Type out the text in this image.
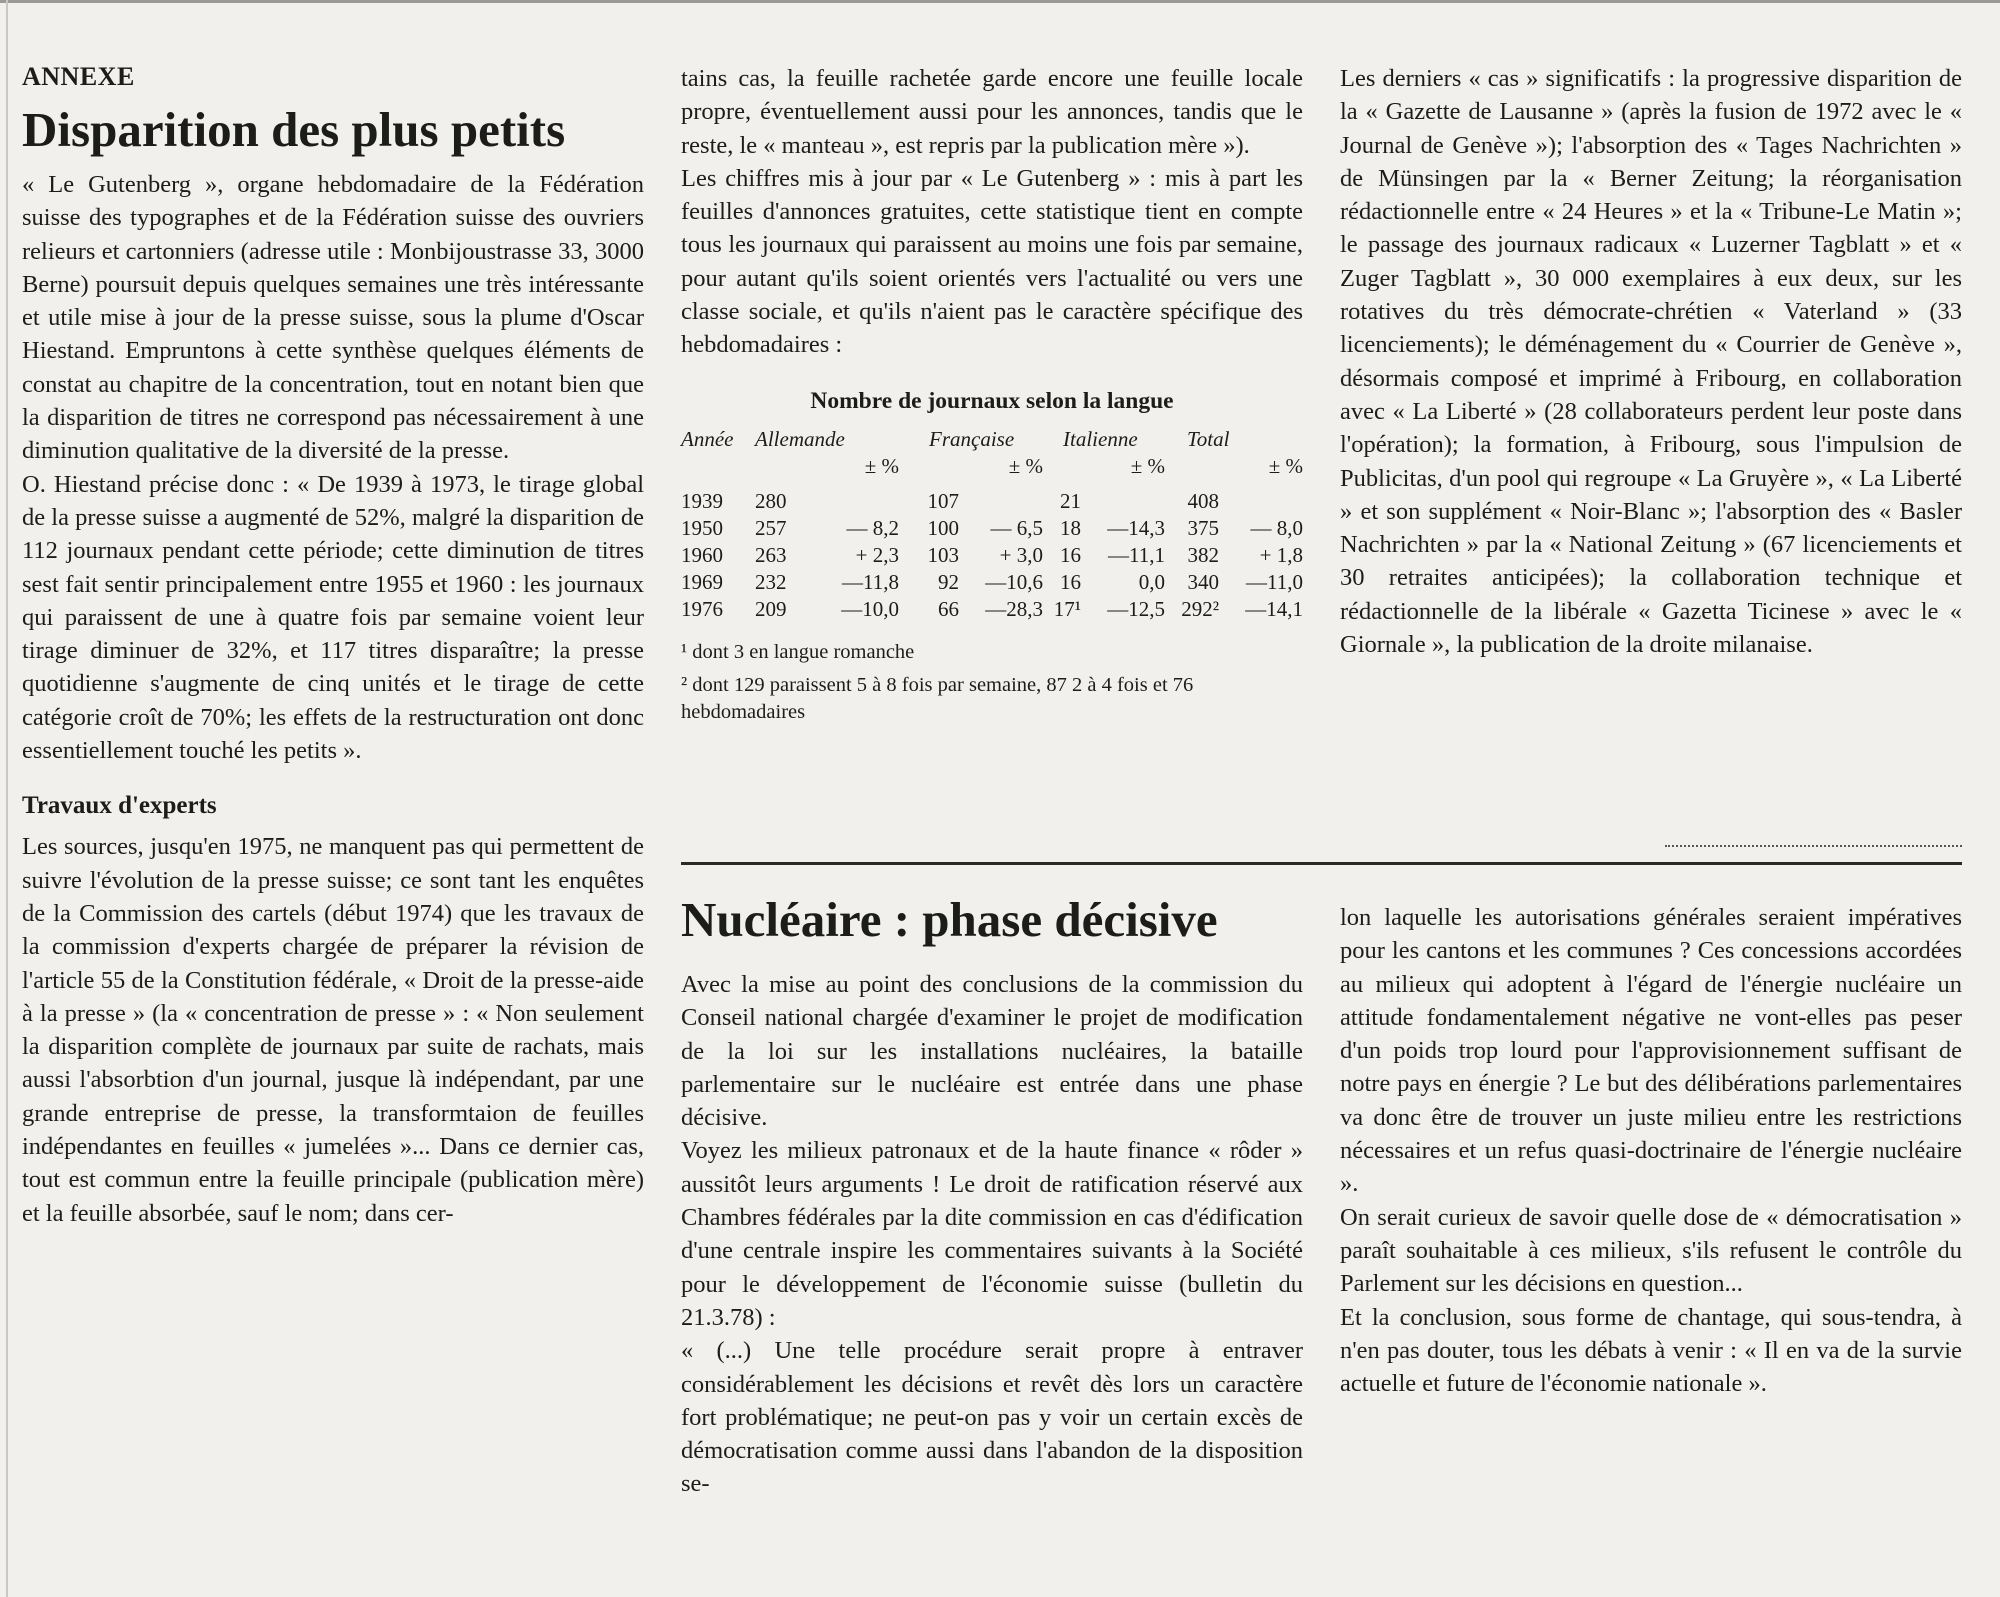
ANNEXE
Disparition des plus petits

« Le Gutenberg », organe hebdomadaire de la Fédération suisse des typographes et de la Fédération suisse des ouvriers relieurs et cartonniers (adresse utile : Monbijoustrasse 33, 3000 Berne) poursuit depuis quelques semaines une très intéressante et utile mise à jour de la presse suisse, sous la plume d'Oscar Hiestand. Empruntons à cette synthèse quelques éléments de constat au chapitre de la concentration, tout en notant bien que la disparition de titres ne correspond pas nécessairement à une diminution qualitative de la diversité de la presse.

O. Hiestand précise donc : « De 1939 à 1973, le tirage global de la presse suisse a augmenté de 52%, malgré la disparition de 112 journaux pendant cette période; cette diminution de titres sest fait sentir principalement entre 1955 et 1960 : les journaux qui paraissent de une à quatre fois par semaine voient leur tirage diminuer de 32%, et 117 titres disparaître; la presse quotidienne s'augmente de cinq unités et le tirage de cette catégorie croît de 70%; les effets de la restructuration ont donc essentiellement touché les petits ».

Travaux d'experts

Les sources, jusqu'en 1975, ne manquent pas qui permettent de suivre l'évolution de la presse suisse; ce sont tant les enquêtes de la Commission des cartels (début 1974) que les travaux de la commission d'experts chargée de préparer la révision de l'article 55 de la Constitution fédérale, « Droit de la presse-aide à la presse » (la « concentration de presse » : « Non seulement la disparition complète de journaux par suite de rachats, mais aussi l'absorbtion d'un journal, jusque là indépendant, par une grande entreprise de presse, la transformtaion de feuilles indépendantes en feuilles « jumelées »... Dans ce dernier cas, tout est commun entre la feuille principale (publication mère) et la feuille absorbée, sauf le nom; dans cer-

tains cas, la feuille rachetée garde encore une feuille locale propre, éventuellement aussi pour les annonces, tandis que le reste, le « manteau », est repris par la publication mère »).

Les chiffres mis à jour par « Le Gutenberg » : mis à part les feuilles d'annonces gratuites, cette statistique tient en compte tous les journaux qui paraissent au moins une fois par semaine, pour autant qu'ils soient orientés vers l'actualité ou vers une classe sociale, et qu'ils n'aient pas le caractère spécifique des hebdomadaires :

Nombre de journaux selon la langue
Année	Allemande		Française		Italienne		Total	
		± %		± %		± %		± %

1939	280		107		21		408	
1950	257	— 8,2	100	— 6,5	18	—14,3	375	— 8,0
1960	263	+ 2,3	103	+ 3,0	16	—11,1	382	+ 1,8
1969	232	—11,8	92	—10,6	16	0,0	340	—11,0
1976	209	—10,0	66	—28,3	17¹	—12,5	292²	—14,1
¹ dont 3 en langue romanche
² dont 129 paraissent 5 à 8 fois par semaine, 87 2 à 4 fois et 76 hebdomadaires

Les derniers « cas » significatifs : la progressive disparition de la « Gazette de Lausanne » (après la fusion de 1972 avec le « Journal de Genève »); l'absorption des « Tages Nachrichten » de Münsingen par la « Berner Zeitung; la réorganisation rédactionnelle entre « 24 Heures » et la « Tribune-Le Matin »; le passage des journaux radicaux « Luzerner Tagblatt » et « Zuger Tagblatt », 30 000 exemplaires à eux deux, sur les rotatives du très démocrate-chrétien « Vaterland » (33 licenciements); le déménagement du « Courrier de Genève », désormais composé et imprimé à Fribourg, en collaboration avec « La Liberté » (28 collaborateurs perdent leur poste dans l'opération); la formation, à Fribourg, sous l'impulsion de Publicitas, d'un pool qui regroupe « La Gruyère », « La Liberté » et son supplément « Noir-Blanc »; l'absorption des « Basler Nachrichten » par la « National Zeitung » (67 licenciements et 30 retraites anticipées); la collaboration technique et rédactionnelle de la libérale « Gazetta Ticinese » avec le « Giornale », la publication de la droite milanaise.

Nucléaire : phase décisive

Avec la mise au point des conclusions de la commission du Conseil national chargée d'examiner le projet de modification de la loi sur les installations nucléaires, la bataille parlementaire sur le nucléaire est entrée dans une phase décisive.

Voyez les milieux patronaux et de la haute finance « rôder » aussitôt leurs arguments ! Le droit de ratification réservé aux Chambres fédérales par la dite commission en cas d'édification d'une centrale inspire les commentaires suivants à la Société pour le développement de l'économie suisse (bulletin du 21.3.78) :

« (...) Une telle procédure serait propre à entraver considérablement les décisions et revêt dès lors un caractère fort problématique; ne peut-on pas y voir un certain excès de démocratisation comme aussi dans l'abandon de la disposition se-

lon laquelle les autorisations générales seraient impératives pour les cantons et les communes ? Ces concessions accordées au milieux qui adoptent à l'égard de l'énergie nucléaire un attitude fondamentalement négative ne vont-elles pas peser d'un poids trop lourd pour l'approvisionnement suffisant de notre pays en énergie ? Le but des délibérations parlementaires va donc être de trouver un juste milieu entre les restrictions nécessaires et un refus quasi-doctrinaire de l'énergie nucléaire ».

On serait curieux de savoir quelle dose de « démocratisation » paraît souhaitable à ces milieux, s'ils refusent le contrôle du Parlement sur les décisions en question...

Et la conclusion, sous forme de chantage, qui sous-tendra, à n'en pas douter, tous les débats à venir : « Il en va de la survie actuelle et future de l'économie nationale ».
